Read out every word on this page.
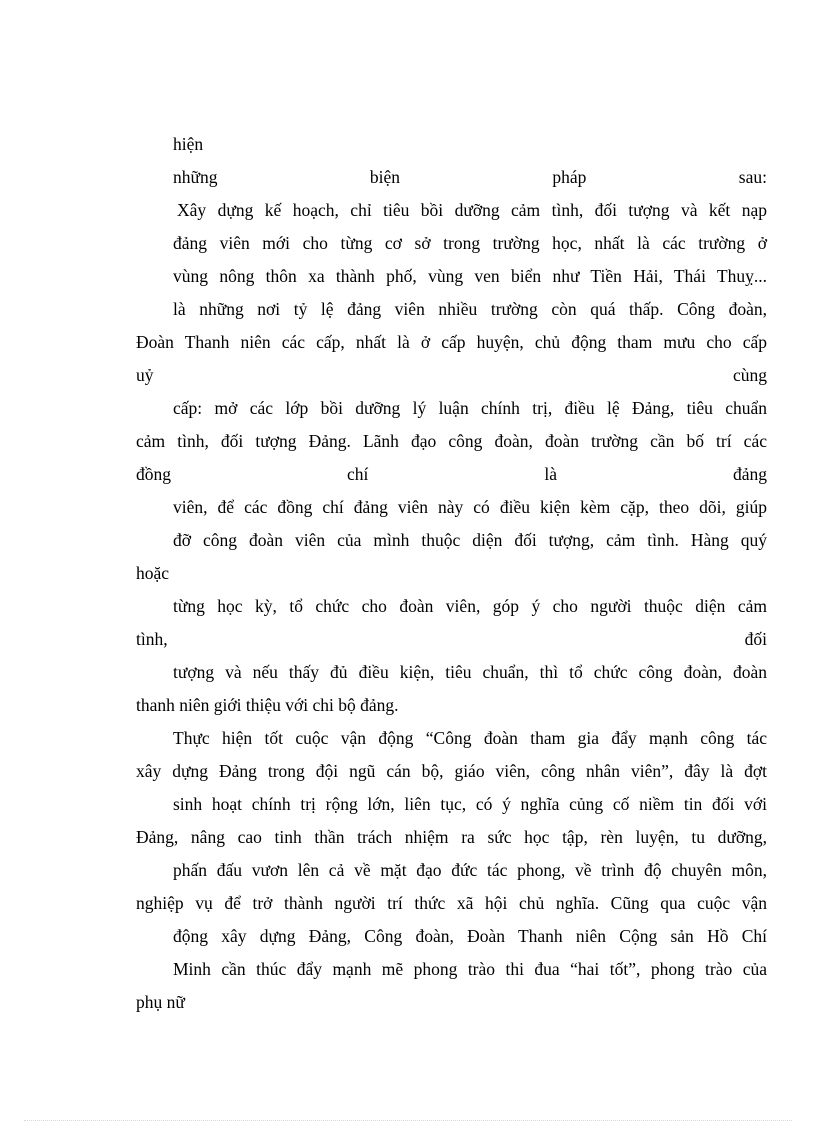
hiện
những	biện	pháp	sau:
Xây dựng kế hoạch, chỉ tiêu bồi dưỡng cảm tình, đối tượng và kết nạp
đảng viên mới cho từng cơ sở trong trường học, nhất là các trường ở
vùng nông thôn xa thành phố, vùng ven biển như Tiền Hải, Thái Thuỵ...
là những nơi tỷ lệ đảng viên nhiều trường còn quá thấp. Công đoàn,
Đoàn Thanh niên các cấp, nhất là ở cấp huyện, chủ động tham mưu cho cấp
uỷ	cùng
cấp: mở các lớp bồi dưỡng lý luận chính trị, điều lệ Đảng, tiêu chuẩn
cảm tình, đối tượng Đảng. Lãnh đạo công đoàn, đoàn trường cần bố trí các
đồng	chí	là	đảng
viên, để các đồng chí đảng viên này có điều kiện kèm cặp, theo dõi, giúp
đỡ công đoàn viên của mình thuộc diện đối tượng, cảm tình. Hàng quý
hoặc
từng học kỳ, tổ chức cho đoàn viên, góp ý cho người thuộc diện cảm
tình,	đối
tượng và nếu thấy đủ điều kiện, tiêu chuẩn, thì tổ chức công đoàn, đoàn
thanh niên giới thiệu với chi bộ đảng.
Thực hiện tốt cuộc vận động “Công đoàn tham gia đẩy mạnh công tác
xây dựng Đảng trong đội ngũ cán bộ, giáo viên, công nhân viên”, đây là đợt
sinh hoạt chính trị rộng lớn, liên tục, có ý nghĩa củng cố niềm tin đối với
Đảng, nâng cao tinh thần trách nhiệm ra sức học tập, rèn luyện, tu dưỡng,
phấn đấu vươn lên cả về mặt đạo đức tác phong, về trình độ chuyên môn,
nghiệp vụ để trở thành người trí thức xã hội chủ nghĩa. Cũng qua cuộc vận
động xây dựng Đảng, Công đoàn, Đoàn Thanh niên Cộng sản Hồ Chí
Minh cần thúc đẩy mạnh mẽ phong trào thi đua “hai tốt”, phong trào của
phụ nữ
